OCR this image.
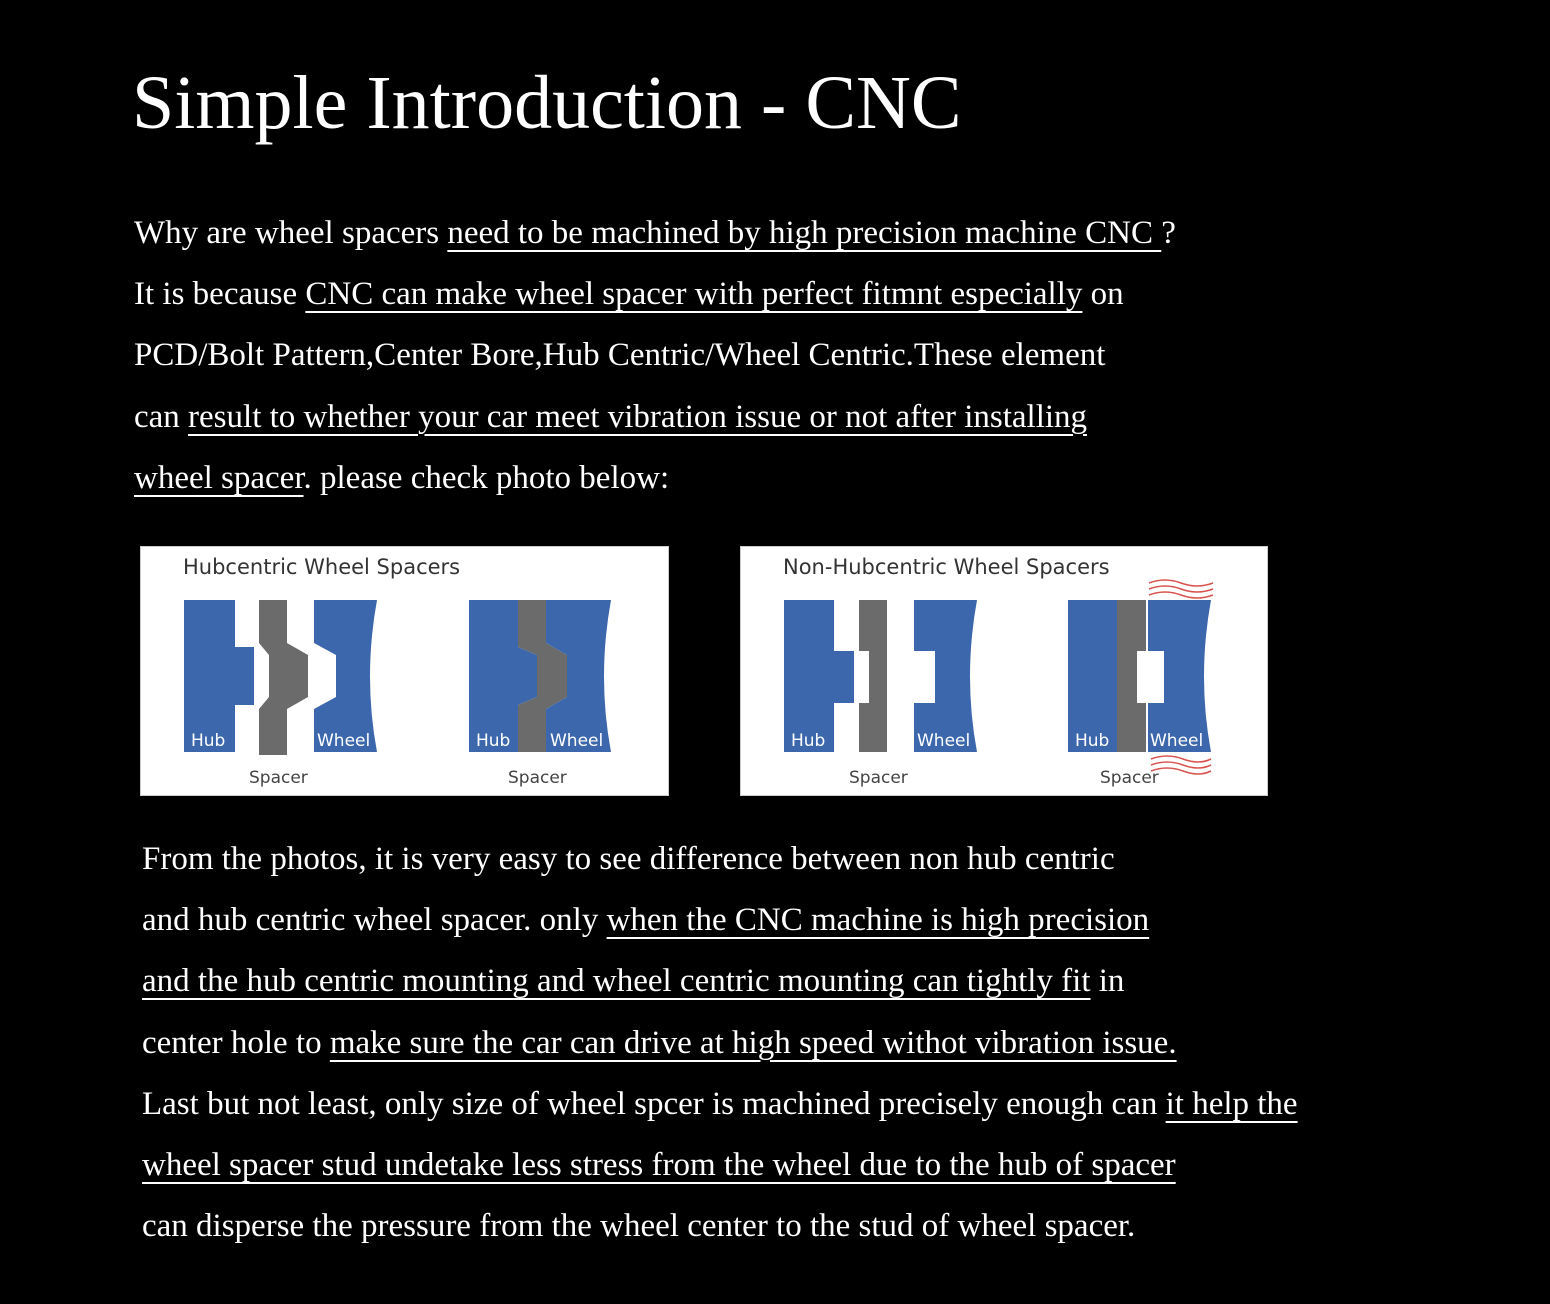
Simple Introduction - CNC
Why are wheel spacers need to be machined by high precision machine CNC ?
It is because CNC can make wheel spacer with perfect fitmnt especially on
PCD/Bolt Pattern,Center Bore,Hub Centric/Wheel Centric.These element
can result to whether your car meet vibration issue or not after installing
wheel spacer. please check photo below:
Hubcentric Wheel Spacers
Hub	Wheel
Spacer
Hub Wheel
Spacer
Non-Hubcentric Wheel Spacers
Hub	Wheel
Spacer
Hub Wheel
Spacer
From the photos, it is very easy to see difference between non hub centric
and hub centric wheel spacer. only when the CNC machine is high precision
and the hub centric mounting and wheel centric mounting can tightly fit in
center hole to make sure the car can drive at high speed withot vibration issue.
Last but not least, only size of wheel spcer is machined precisely enough can it help the
wheel spacer stud undetake less stress from the wheel due to the hub of spacer
can disperse the pressure from the wheel center to the stud of wheel spacer.
